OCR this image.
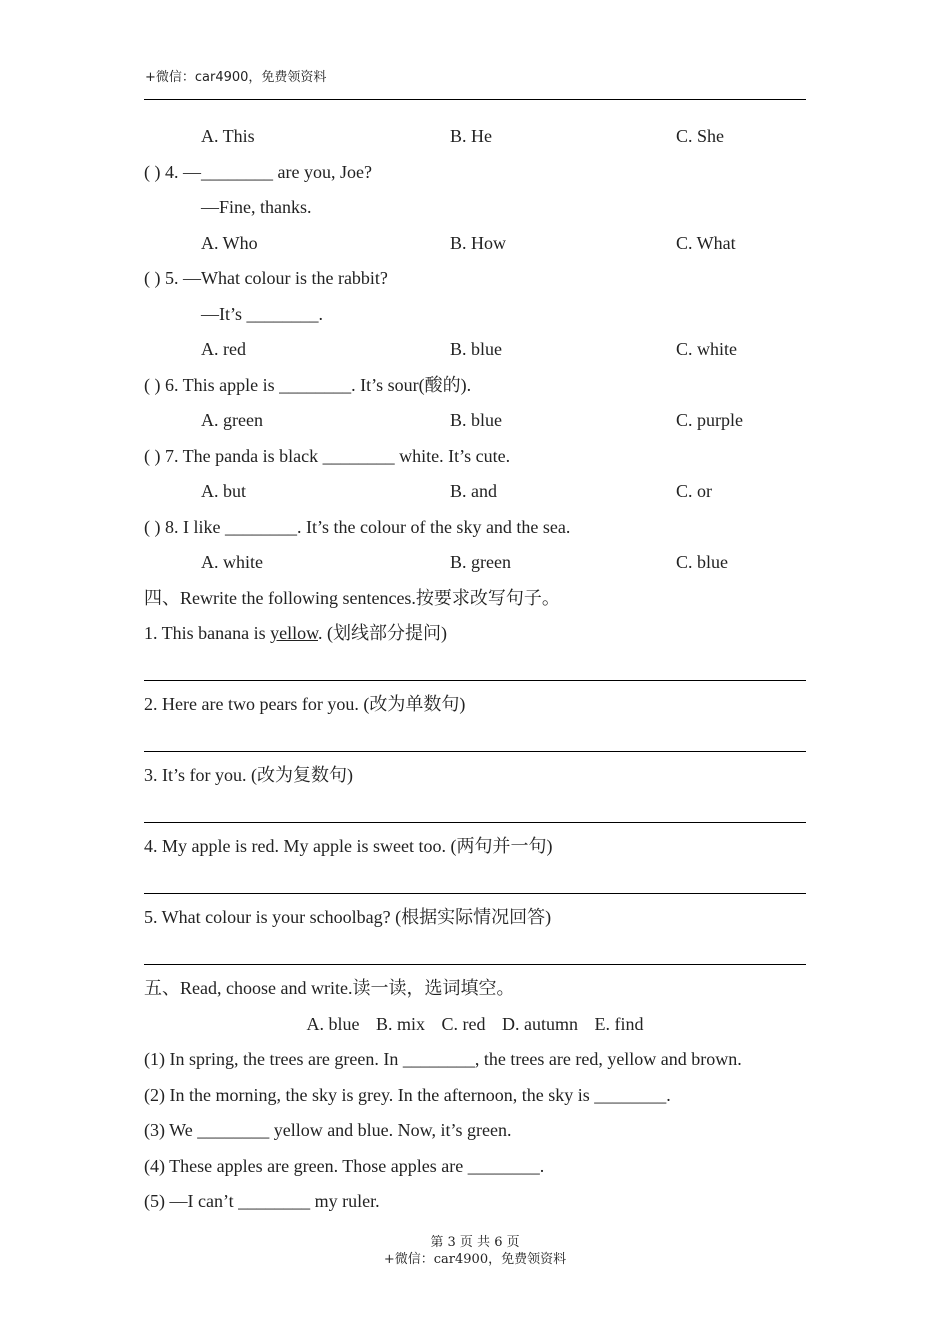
+微信：car4900，免费领资料
A. This	B. He	C. She
( ) 4. —________ are you, Joe?
—Fine, thanks.
A. Who	B. How	C. What
( ) 5. —What colour is the rabbit?
—It’s ________.
A. red	B. blue	C. white
( ) 6. This apple is ________. It’s sour(酸的).
A. green	B. blue	C. purple
( ) 7. The panda is black ________ white. It’s cute.
A. but	B. and	C. or
( ) 8. I like ________. It’s the colour of the sky and the sea.
A. white	B. green	C. blue
四、Rewrite the following sentences.按要求改写句子。
1. This banana is yellow. (划线部分提问)
2. Here are two pears for you. (改为单数句)
3. It’s for you. (改为复数句)
4. My apple is red. My apple is sweet too. (两句并一句)
5. What colour is your schoolbag? (根据实际情况回答)
五、Read, choose and write.读一读，选词填空。
A. blue B. mix C. red D. autumn E. find
(1) In spring, the trees are green. In ________, the trees are red, yellow and brown.
(2) In the morning, the sky is grey. In the afternoon, the sky is ________.
(3) We ________ yellow and blue. Now, it’s green.
(4) These apples are green. Those apples are ________.
(5) —I can’t ________ my ruler.
第 3 页 共 6 页
+微信：car4900，免费领资料
